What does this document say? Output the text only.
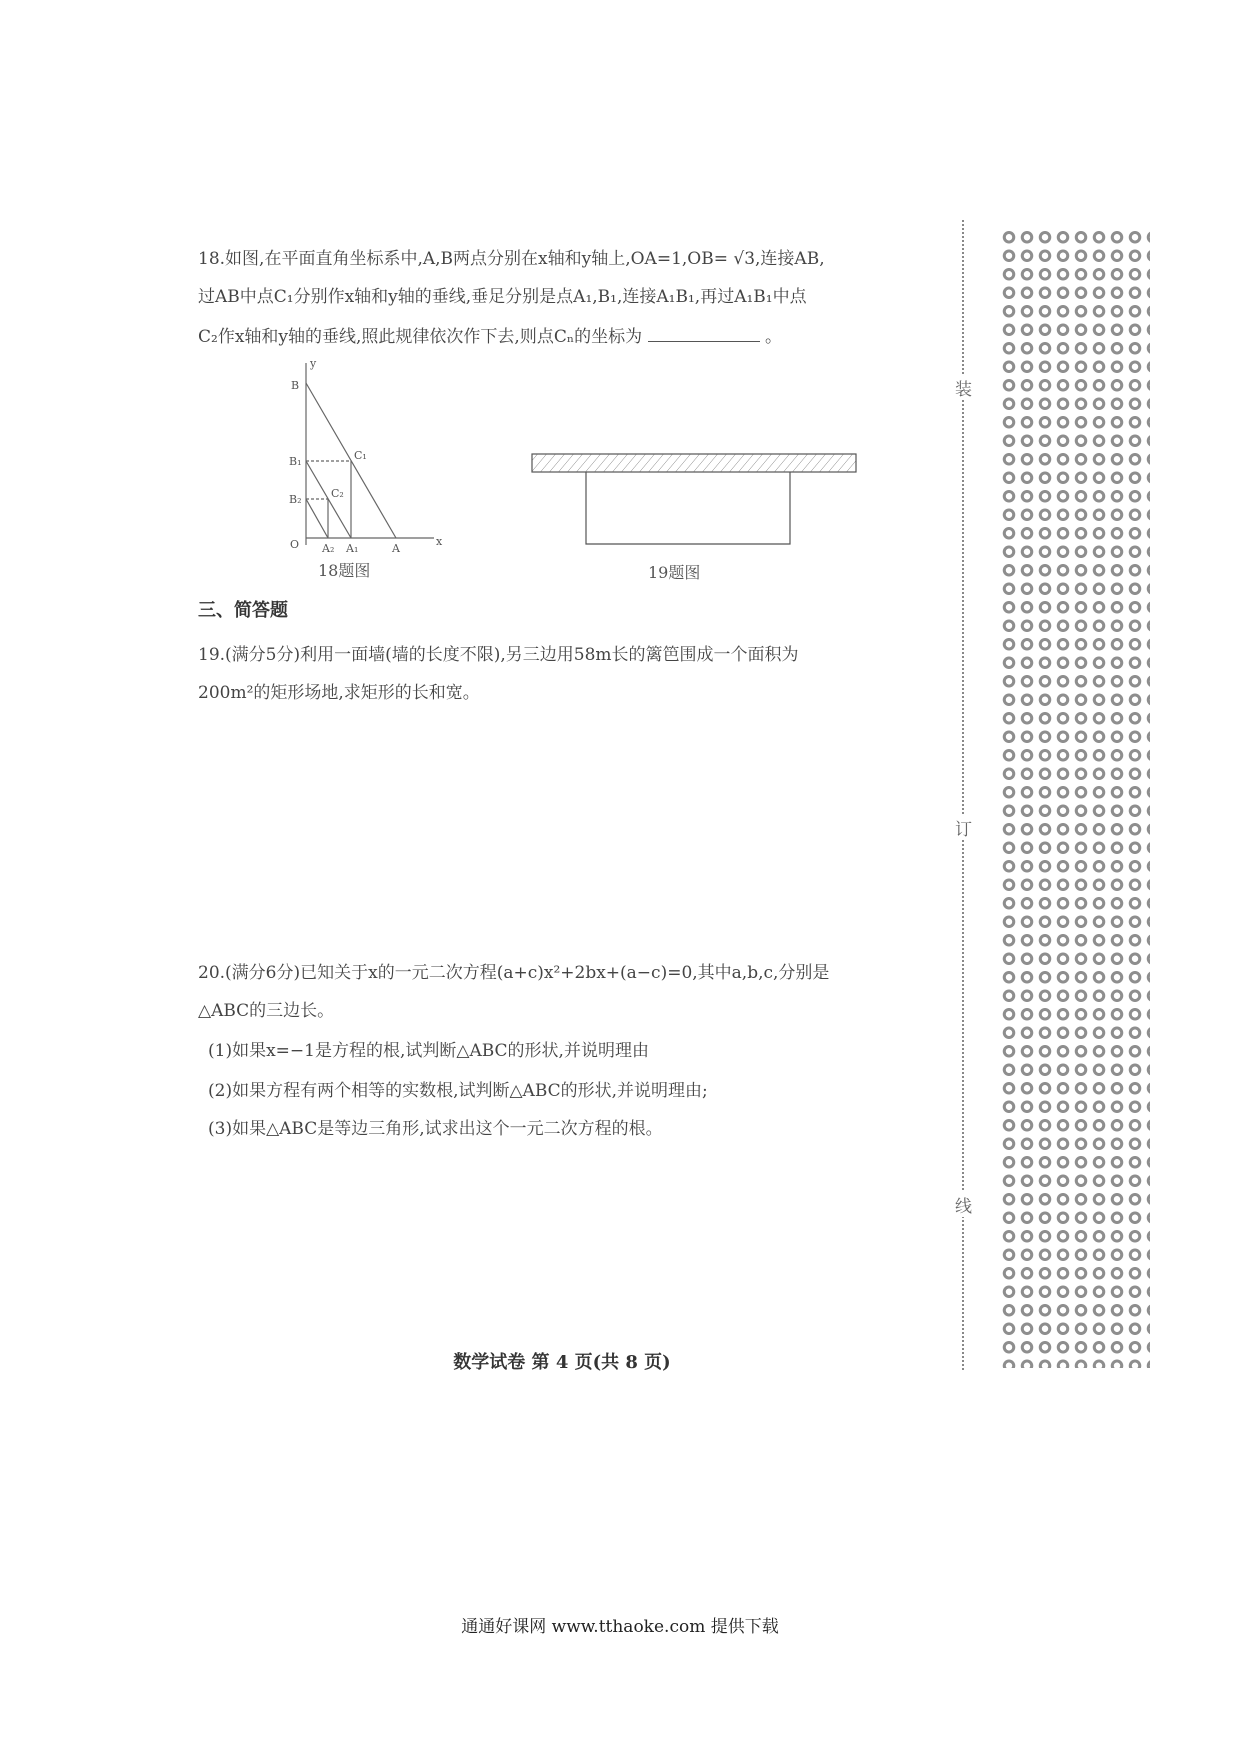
18.如图,在平面直角坐标系中,A,B两点分别在x轴和y轴上,OA=1,OB= √3,连接AB,
过AB中点C₁分别作x轴和y轴的垂线,垂足分别是点A₁,B₁,连接A₁B₁,再过A₁B₁中点
C₂作x轴和y轴的垂线,照此规律依次作下去,则点Cₙ的坐标为	。
y
x
O
B
B₁
B₂
A
A₁
A₂
C₁
C₂
18题图	19题图
三、简答题
19.(满分5分)利用一面墙(墙的长度不限),另三边用58m长的篱笆围成一个面积为
200m²的矩形场地,求矩形的长和宽。
20.(满分6分)已知关于x的一元二次方程(a+c)x²+2bx+(a−c)=0,其中a,b,c,分别是
△ABC的三边长。
(1)如果x=−1是方程的根,试判断△ABC的形状,并说明理由
(2)如果方程有两个相等的实数根,试判断△ABC的形状,并说明理由;
(3)如果△ABC是等边三角形,试求出这个一元二次方程的根。
数学试卷 第 4 页(共 8 页)
装
订
线
通通好课网 www.tthaoke.com 提供下载
